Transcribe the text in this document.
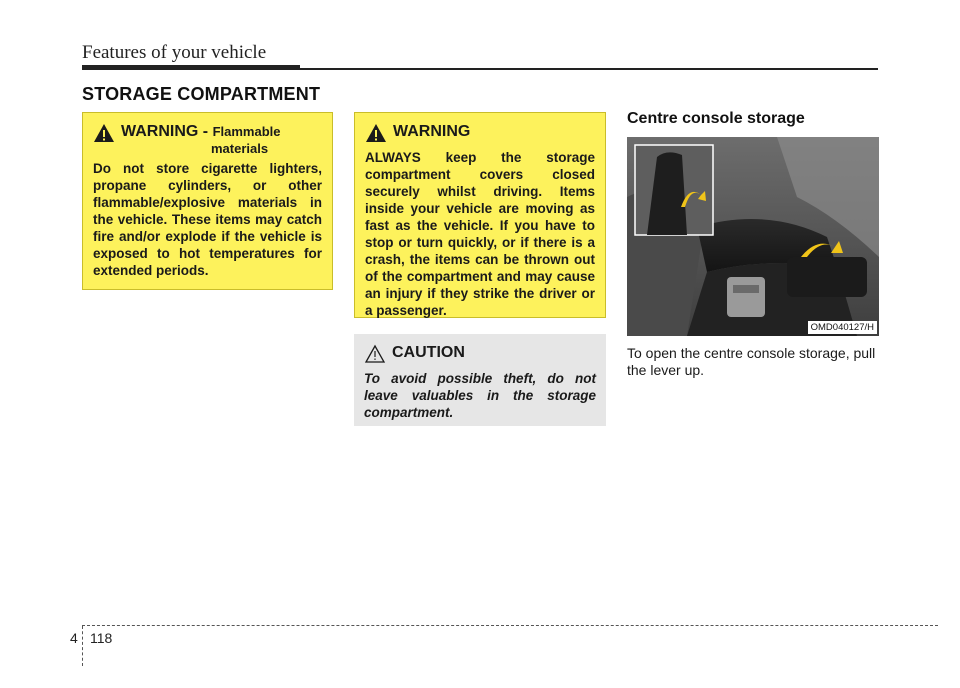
Features of your vehicle
STORAGE COMPARTMENT
WARNING - Flammable
materials
Do not store cigarette lighters, propane cylinders, or other flammable/explosive materials in the vehicle. These items may catch fire and/or explode if the vehicle is exposed to hot temperatures for extended periods.
WARNING
ALWAYS keep the storage compartment covers closed securely whilst driving. Items inside your vehicle are moving as fast as the vehicle. If you have to stop or turn quickly, or if there is a crash, the items can be thrown out of the compartment and may cause an injury if they strike the driver or a passenger.
CAUTION
To avoid possible theft, do not leave valuables in the storage compartment.
Centre console storage
OMD040127/H
To open the centre console storage, pull the lever up.
4 118
